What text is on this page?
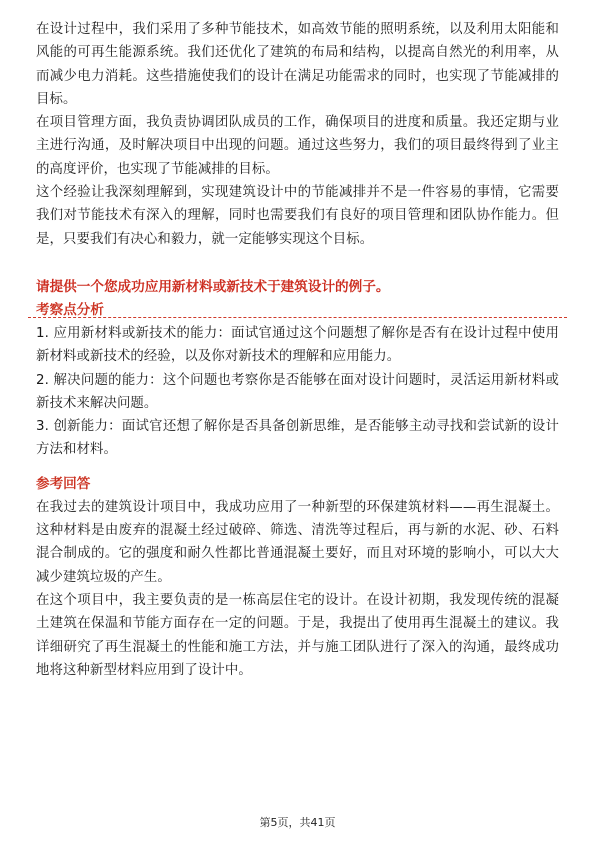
在设计过程中，我们采用了多种节能技术，如高效节能的照明系统，以及利用太阳能和风能的可再生能源系统。我们还优化了建筑的布局和结构，以提高自然光的利用率，从而减少电力消耗。这些措施使我们的设计在满足功能需求的同时，也实现了节能减排的目标。

在项目管理方面，我负责协调团队成员的工作，确保项目的进度和质量。我还定期与业主进行沟通，及时解决项目中出现的问题。通过这些努力，我们的项目最终得到了业主的高度评价，也实现了节能减排的目标。

这个经验让我深刻理解到，实现建筑设计中的节能减排并不是一件容易的事情，它需要我们对节能技术有深入的理解，同时也需要我们有良好的项目管理和团队协作能力。但是，只要我们有决心和毅力，就一定能够实现这个目标。

请提供一个您成功应用新材料或新技术于建筑设计的例子。

考察点分析

1. 应用新材料或新技术的能力：面试官通过这个问题想了解你是否有在设计过程中使用新材料或新技术的经验，以及你对新技术的理解和应用能力。

2. 解决问题的能力：这个问题也考察你是否能够在面对设计问题时，灵活运用新材料或新技术来解决问题。

3. 创新能力：面试官还想了解你是否具备创新思维，是否能够主动寻找和尝试新的设计方法和材料。

参考回答

在我过去的建筑设计项目中，我成功应用了一种新型的环保建筑材料——再生混凝土。这种材料是由废弃的混凝土经过破碎、筛选、清洗等过程后，再与新的水泥、砂、石料混合制成的。它的强度和耐久性都比普通混凝土要好，而且对环境的影响小，可以大大减少建筑垃圾的产生。

在这个项目中，我主要负责的是一栋高层住宅的设计。在设计初期，我发现传统的混凝土建筑在保温和节能方面存在一定的问题。于是，我提出了使用再生混凝土的建议。我详细研究了再生混凝土的性能和施工方法，并与施工团队进行了深入的沟通，最终成功地将这种新型材料应用到了设计中。

第5页，共41页
